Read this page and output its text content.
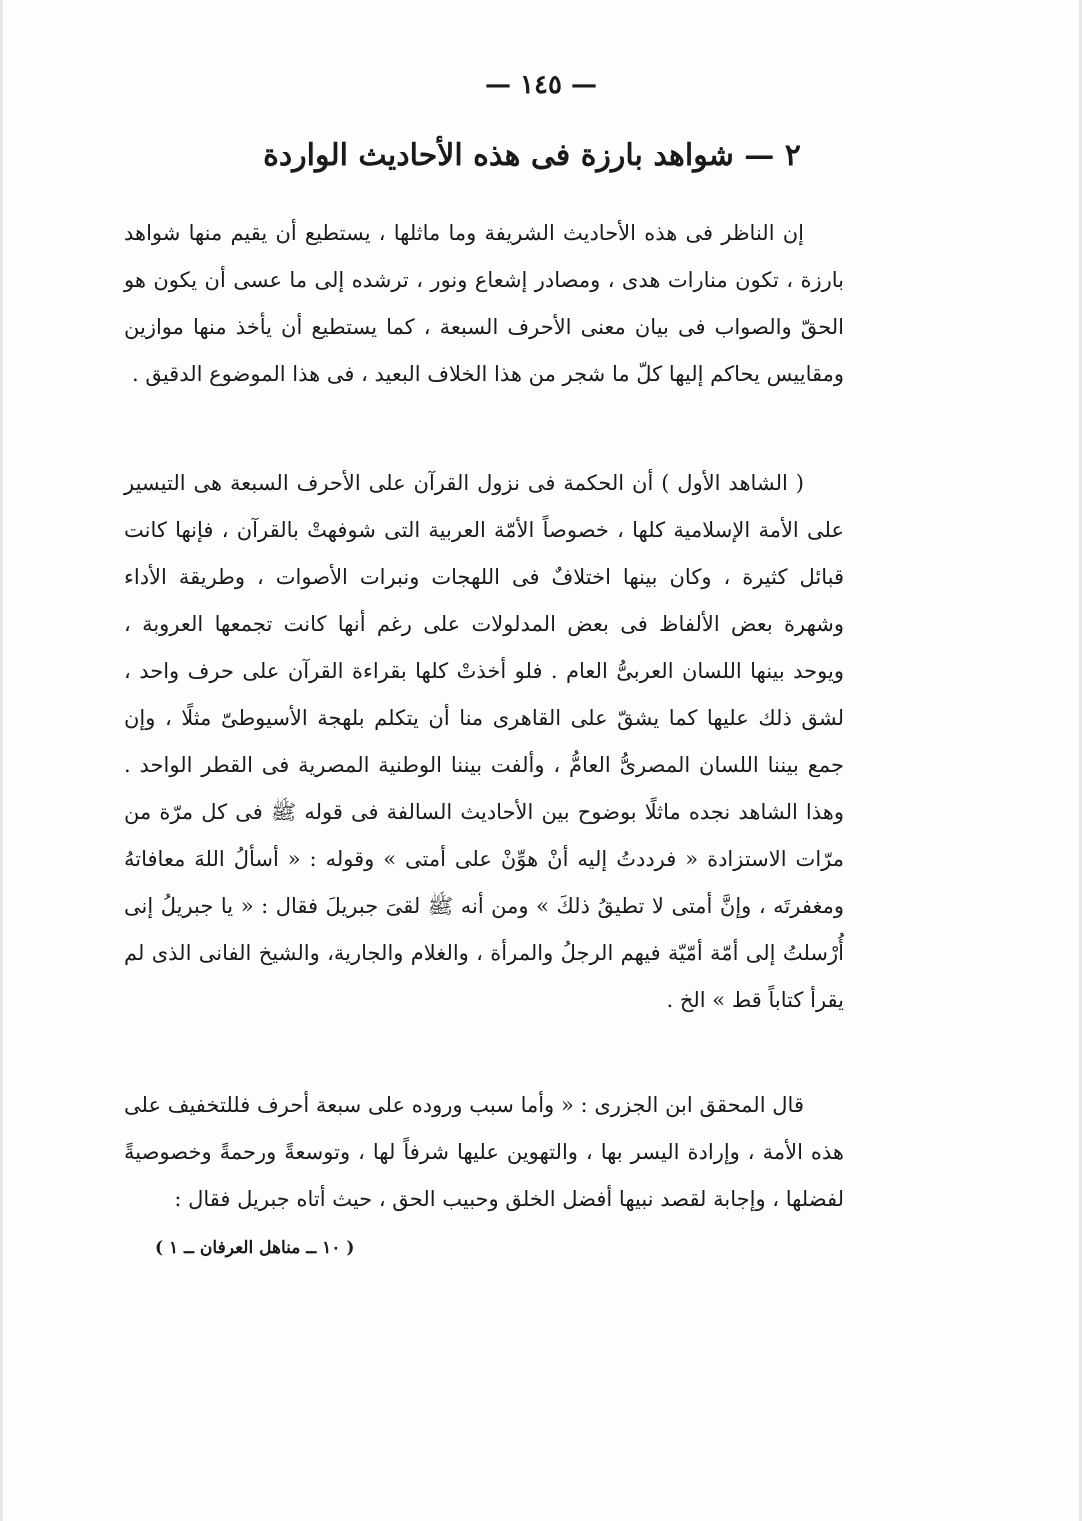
— ١٤٥ —
٢ — شواهد بارزة فى هذه الأحاديث الواردة

إن الناظر فى هذه الأحاديث الشريفة وما ماثلها ، يستطيع أن يقيم منها شواهد بارزة ، تكون منارات هدى ، ومصادر إشعاع ونور ، ترشده إلى ما عسى أن يكون هو الحقّ والصواب فى بيان معنى الأحرف السبعة ، كما يستطيع أن يأخذ منها موازين ومقاييس يحاكم إليها كلّ ما شجر من هذا الخلاف البعيد ، فى هذا الموضوع الدقيق .

( الشاهد الأول ) أن الحكمة فى نزول القرآن على الأحرف السبعة هى التيسير على الأمة الإسلامية كلها ، خصوصاً الأمّة العربية التى شوفهتْ بالقرآن ، فإنها كانت قبائل كثيرة ، وكان بينها اختلافٌ فى اللهجات ونبرات الأصوات ، وطريقة الأداء وشهرة بعض الألفاظ فى بعض المدلولات على رغم أنها كانت تجمعها العروبة ، ويوحد بينها اللسان العربىُّ العام . فلو أخذتْ كلها بقراءة القرآن على حرف واحد ، لشق ذلك عليها كما يشقّ على القاهرى منا أن يتكلم بلهجة الأسيوطىّ مثلًا ، وإن جمع بيننا اللسان المصرىُّ العامُّ ، وألفت بيننا الوطنية المصرية فى القطر الواحد . وهذا الشاهد نجده ماثلًا بوضوح بين الأحاديث السالفة فى قوله ﷺ فى كل مرّة من مرّات الاستزادة « فرددتُ إليه أنْ هوِّنْ على أمتى » وقوله : « أسألُ اللهَ معافاتهُ ومغفرتَه ، وإنَّ أمتى لا تطيقُ ذلكَ » ومن أنه ﷺ لقىَ جبريلَ فقال : « يا جبريلُ إنى أُرْسلتُ إلى أمّة أمّيّة فيهم الرجلُ والمرأة ، والغلام والجارية، والشيخ الفانى الذى لم يقرأ كتاباً قط » الخ .

قال المحقق ابن الجزرى : « وأما سبب وروده على سبعة أحرف فللتخفيف على هذه الأمة ، وإرادة اليسر بها ، والتهوين عليها شرفاً لها ، وتوسعةً ورحمةً وخصوصيةً لفضلها ، وإجابة لقصد نبيها أفضل الخلق وحبيب الحق ، حيث أتاه جبريل فقال :

( ١٠ ــ مناهل العرفان ــ ١ )
